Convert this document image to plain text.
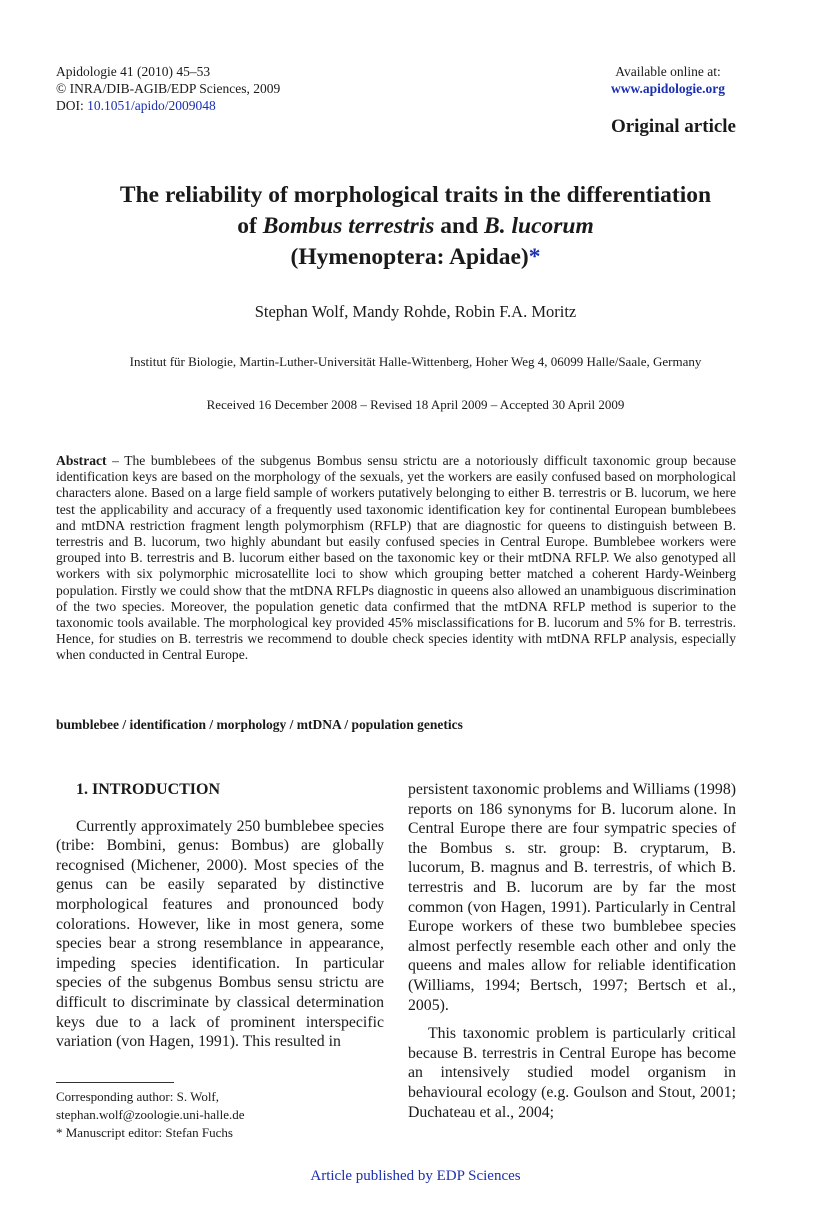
Apidologie 41 (2010) 45–53
© INRA/DIB-AGIB/EDP Sciences, 2009
DOI: 10.1051/apido/2009048
Available online at:
www.apidologie.org
Original article
The reliability of morphological traits in the differentiation
of Bombus terrestris and B. lucorum
(Hymenoptera: Apidae)*
Stephan Wolf, Mandy Rohde, Robin F.A. Moritz
Institut für Biologie, Martin-Luther-Universität Halle-Wittenberg, Hoher Weg 4, 06099 Halle/Saale, Germany
Received 16 December 2008 – Revised 18 April 2009 – Accepted 30 April 2009
Abstract – The bumblebees of the subgenus Bombus sensu strictu are a notoriously difficult taxonomic group because identification keys are based on the morphology of the sexuals, yet the workers are easily confused based on morphological characters alone. Based on a large field sample of workers putatively belonging to either B. terrestris or B. lucorum, we here test the applicability and accuracy of a frequently used taxonomic identification key for continental European bumblebees and mtDNA restriction fragment length polymorphism (RFLP) that are diagnostic for queens to distinguish between B. terrestris and B. lucorum, two highly abundant but easily confused species in Central Europe. Bumblebee workers were grouped into B. terrestris and B. lucorum either based on the taxonomic key or their mtDNA RFLP. We also genotyped all workers with six polymorphic microsatellite loci to show which grouping better matched a coherent Hardy-Weinberg population. Firstly we could show that the mtDNA RFLPs diagnostic in queens also allowed an unambiguous discrimination of the two species. Moreover, the population genetic data confirmed that the mtDNA RFLP method is superior to the taxonomic tools available. The morphological key provided 45% misclassifications for B. lucorum and 5% for B. terrestris. Hence, for studies on B. terrestris we recommend to double check species identity with mtDNA RFLP analysis, especially when conducted in Central Europe.
bumblebee / identification / morphology / mtDNA / population genetics
1. INTRODUCTION
Currently approximately 250 bumblebee species (tribe: Bombini, genus: Bombus) are globally recognised (Michener, 2000). Most species of the genus can be easily separated by distinctive morphological features and pronounced body colorations. However, like in most genera, some species bear a strong resemblance in appearance, impeding species identification. In particular species of the subgenus Bombus sensu strictu are difficult to discriminate by classical determination keys due to a lack of prominent interspecific variation (von Hagen, 1991). This resulted in
persistent taxonomic problems and Williams (1998) reports on 186 synonyms for B. lucorum alone. In Central Europe there are four sympatric species of the Bombus s. str. group: B. cryptarum, B. lucorum, B. magnus and B. terrestris, of which B. terrestris and B. lucorum are by far the most common (von Hagen, 1991). Particularly in Central Europe workers of these two bumblebee species almost perfectly resemble each other and only the queens and males allow for reliable identification (Williams, 1994; Bertsch, 1997; Bertsch et al., 2005).
This taxonomic problem is particularly critical because B. terrestris in Central Europe has become an intensively studied model organism in behavioural ecology (e.g. Goulson and Stout, 2001; Duchateau et al., 2004;
Corresponding author: S. Wolf,
stephan.wolf@zoologie.uni-halle.de
* Manuscript editor: Stefan Fuchs
Article published by EDP Sciences
